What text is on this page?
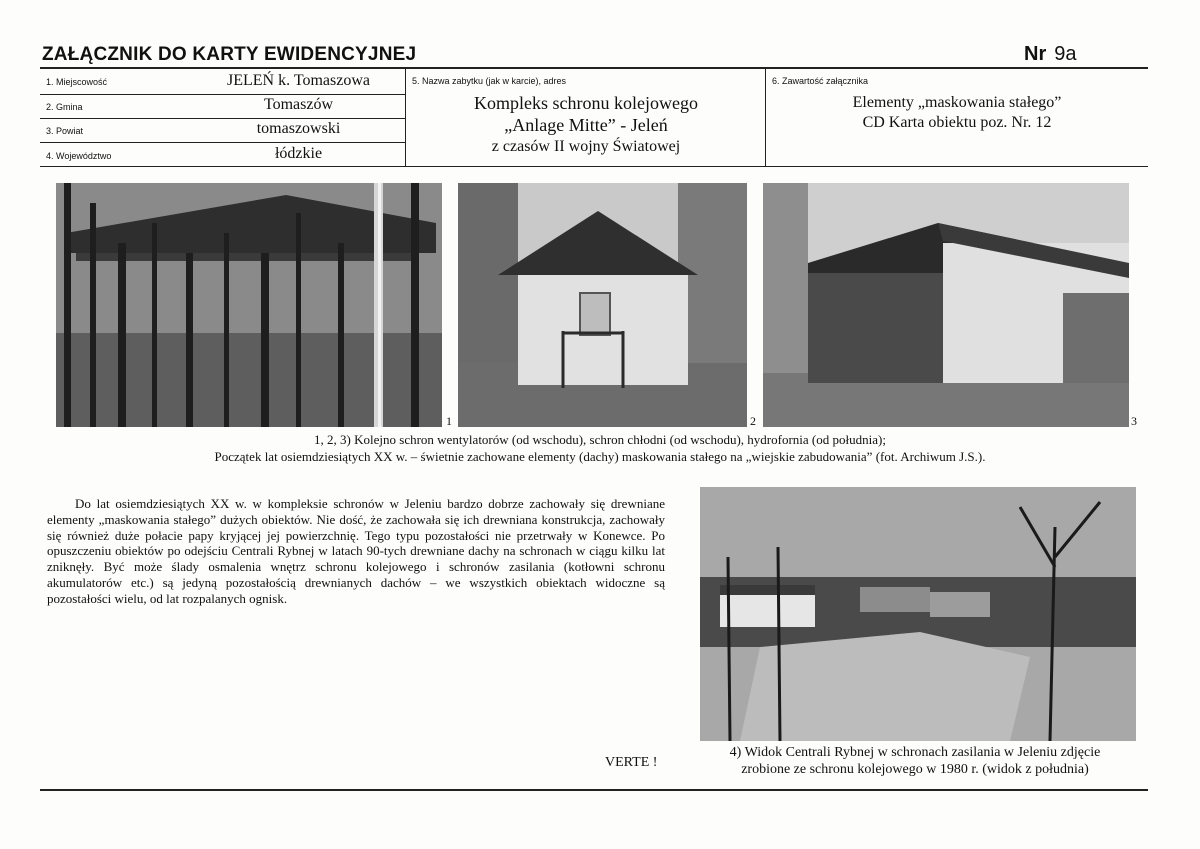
ZAŁĄCZNIK DO KARTY EWIDENCYJNEJ	Nr 9a
1. Miejscowość	JELEŃ k. Tomaszowa
2. Gmina	Tomaszów
3. Powiat	tomaszowski
4. Województwo	łódzkie
5. Nazwa zabytku (jak w karcie), adres
Kompleks schronu kolejowego
„Anlage Mitte” - Jeleń
z czasów II wojny Światowej
6. Zawartość załącznika
Elementy „maskowania stałego”
CD Karta obiektu poz. Nr. 12
1	2	3
1, 2, 3) Kolejno schron wentylatorów (od wschodu), schron chłodni (od wschodu), hydrofornia (od południa);
Początek lat osiemdziesiątych XX w. – świetnie zachowane elementy (dachy) maskowania stałego na „wiejskie zabudowania” (fot. Archiwum J.S.).
Do lat osiemdziesiątych XX w. w kompleksie schronów w Jeleniu bardzo dobrze zachowały się drewniane elementy „maskowania stałego” dużych obiektów. Nie dość, że zachowała się ich drewniana konstrukcja, zachowały się również duże połacie papy kryjącej jej powierzchnię. Tego typu pozostałości nie przetrwały w Konewce. Po opuszczeniu obiektów po odejściu Centrali Rybnej w latach 90-tych drewniane dachy na schronach w ciągu kilku lat zniknęły. Być może ślady osmalenia wnętrz schronu kolejowego i schronów zasilania (kotłowni schronu akumulatorów etc.) są jedyną pozostałością drewnianych dachów – we wszystkich obiektach widoczne są pozostałości wielu, od lat rozpalanych ognisk.
VERTE !
4) Widok Centrali Rybnej w schronach zasilania w Jeleniu zdjęcie
zrobione ze schronu kolejowego w 1980 r. (widok z południa)
